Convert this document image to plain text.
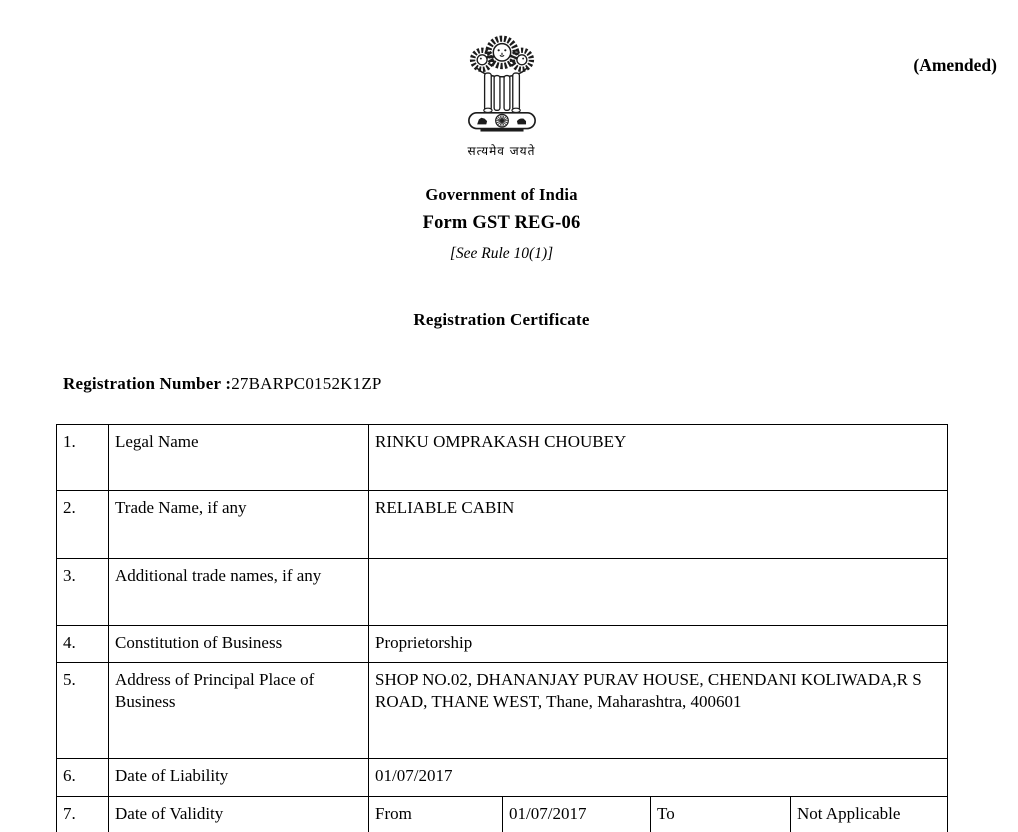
(Amended)
सत्यमेव जयते
Government of India
Form GST REG-06
[See Rule 10(1)]
Registration Certificate
Registration Number :27BARPC0152K1ZP
1.	Legal Name	RINKU OMPRAKASH CHOUBEY			
2.	Trade Name, if any	RELIABLE CABIN			
3.	Additional trade names, if any				
4.	Constitution of Business	Proprietorship			
5.	Address of Principal Place of Business	SHOP NO.02, DHANANJAY PURAV HOUSE, CHENDANI KOLIWADA,R S ROAD, THANE WEST, Thane, Maharashtra, 400601			
6.	Date of Liability	01/07/2017			
7.	Date of Validity	From	01/07/2017	To	Not Applicable
